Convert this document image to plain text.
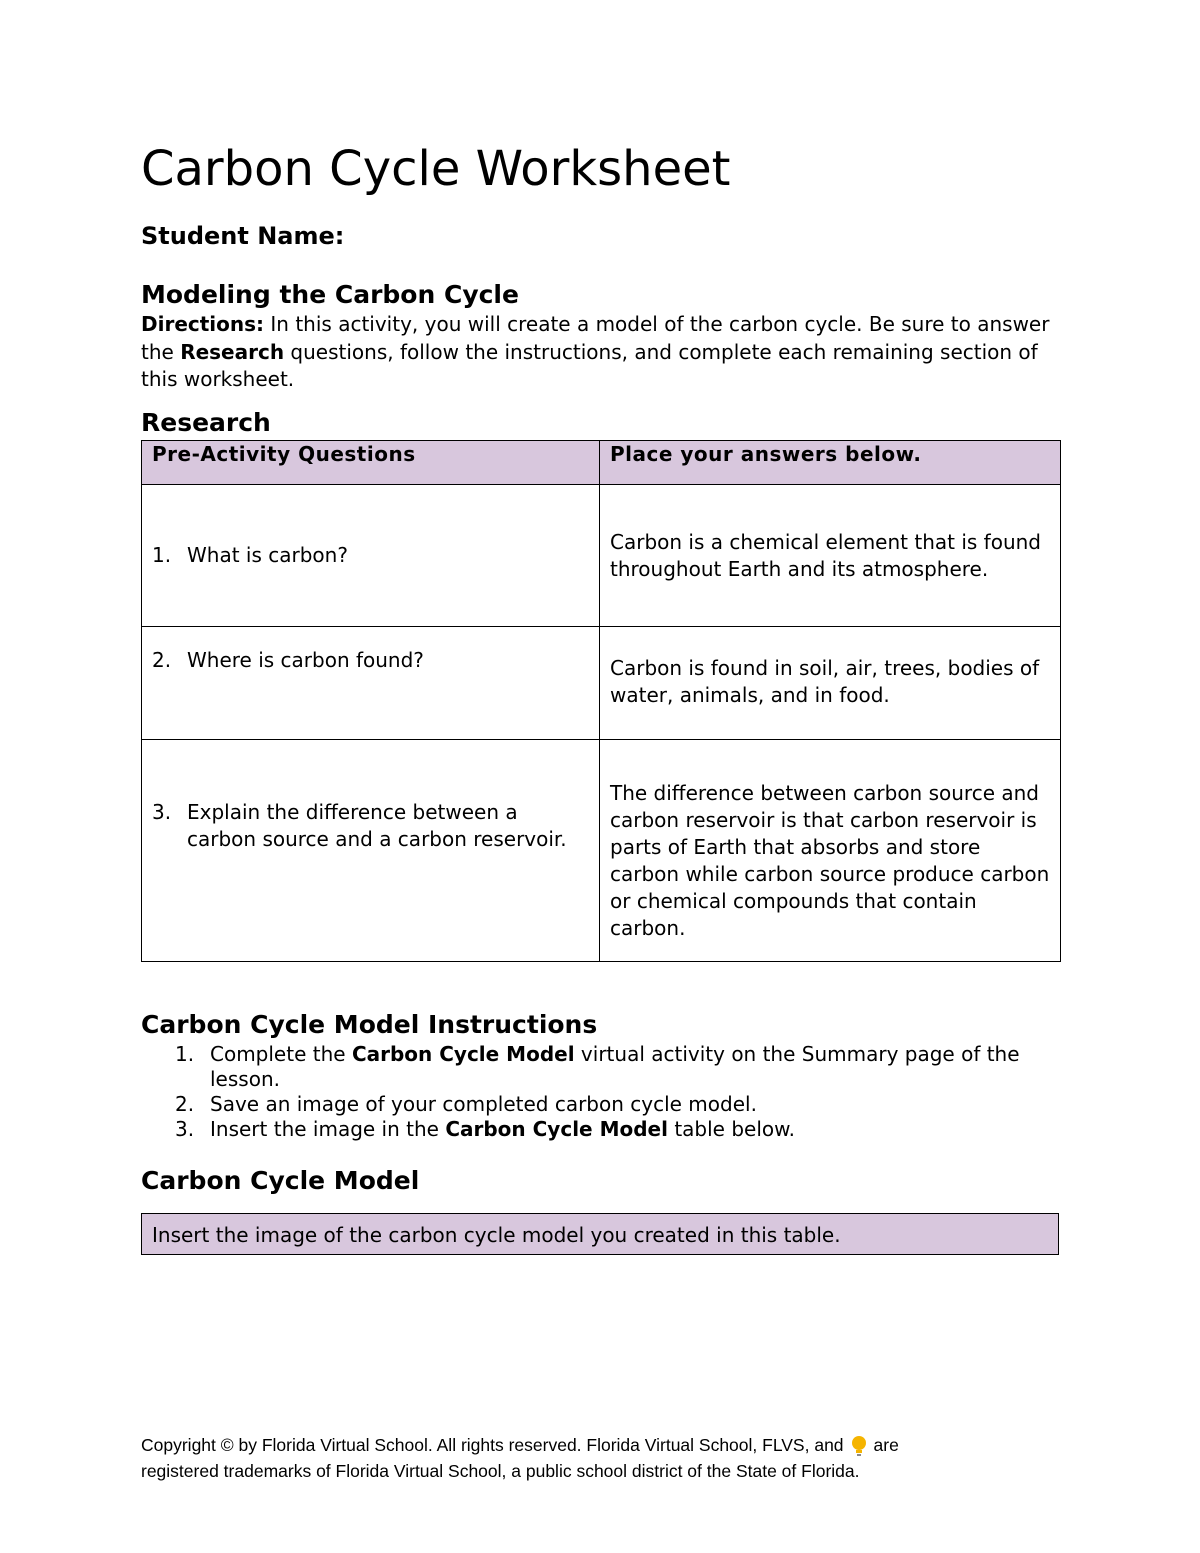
Carbon Cycle Worksheet
Student Name:
Modeling the Carbon Cycle

Directions: In this activity, you will create a model of the carbon cycle. Be sure to answer the Research questions, follow the instructions, and complete each remaining section of this worksheet.

Research
Pre-Activity Questions	Place your answers below.

1. What is carbon?	Carbon is a chemical element that is found throughout Earth and its atmosphere.

2. Where is carbon found?	Carbon is found in soil, air, trees, bodies of water, animals, and in food.

3. Explain the difference between a carbon source and a carbon reservoir.	The difference between carbon source and carbon reservoir is that carbon reservoir is parts of Earth that absorbs and store carbon while carbon source produce carbon or chemical compounds that contain carbon.
Carbon Cycle Model Instructions
1. Complete the Carbon Cycle Model virtual activity on the Summary page of the lesson.
2. Save an image of your completed carbon cycle model.
3. Insert the image in the Carbon Cycle Model table below.
Carbon Cycle Model
Insert the image of the carbon cycle model you created in this table.
Copyright © by Florida Virtual School. All rights reserved. Florida Virtual School, FLVS, and are
registered trademarks of Florida Virtual School, a public school district of the State of Florida.
